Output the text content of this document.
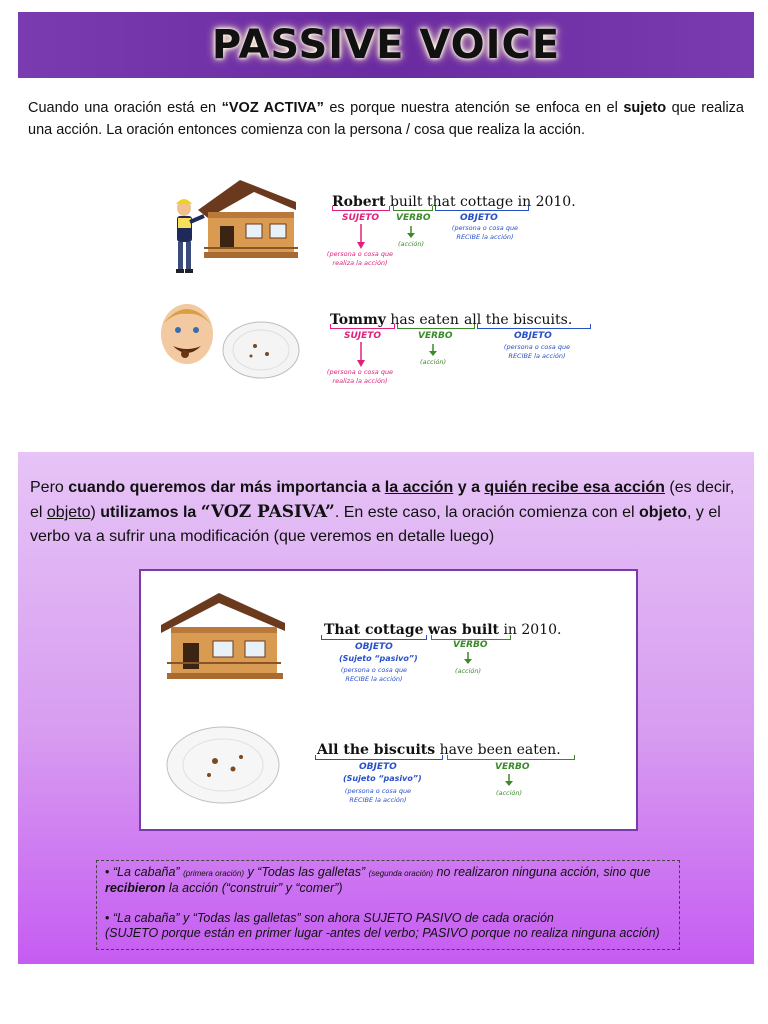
PASSIVE VOICE
Cuando una oración está en “VOZ ACTIVA” es porque nuestra atención se enfoca en el sujeto que realiza una acción. La oración entonces comienza con la persona / cosa que realiza la acción.
Robert built that cottage in 2010.
SUJETO VERBO	OBJETO
(acción)
(persona o cosa que
RECIBE la acción)
(persona o cosa que
realiza la acción)
Tommy has eaten all the biscuits.
SUJETO	VERBO	OBJETO
(acción)
(persona o cosa que
RECIBE la acción)
(persona o cosa que
realiza la acción)
Pero cuando queremos dar más importancia a la acción y a quién recibe esa acción (es decir, el objeto) utilizamos la “VOZ PASIVA”. En este caso, la oración comienza con el objeto, y el verbo va a sufrir una modificación (que veremos en detalle luego)
That cottage was built in 2010.
OBJETO	VERBO
(Sujeto “pasivo”)
(acción)
(persona o cosa que
RECIBE la acción)
All the biscuits have been eaten.
OBJETO	VERBO
(Sujeto “pasivo”)
(acción)
(persona o cosa que
RECIBE la acción)
• “La cabaña” (primera oración) y “Todas las galletas” (segunda oración) no realizaron ninguna acción, sino que recibieron la acción (“construir” y “comer”)
• “La cabaña” y “Todas las galletas” son ahora SUJETO PASIVO de cada oración
(SUJETO porque están en primer lugar -antes del verbo; PASIVO porque no realiza ninguna acción)
